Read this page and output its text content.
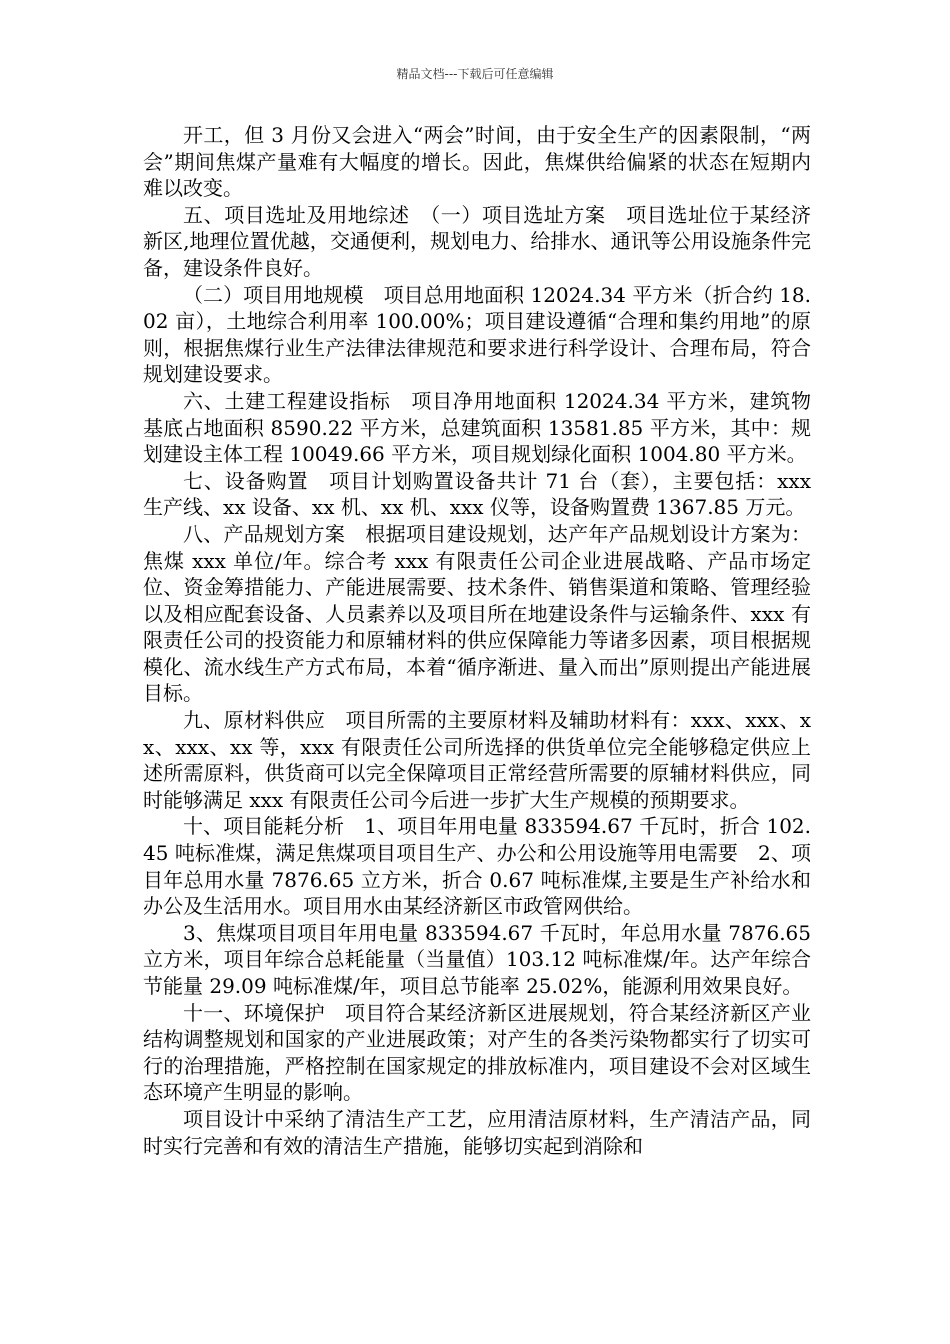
精品文档---下载后可任意编辑

开工，但 3 月份又会进入“两会”时间，由于安全生产的因素限制，“两会”期间焦煤产量难有大幅度的增长。因此，焦煤供给偏紧的状态在短期内难以改变。

五、项目选址及用地综述　（一）项目选址方案　项目选址位于某经济新区,地理位置优越，交通便利，规划电力、给排水、通讯等公用设施条件完备，建设条件良好。

（二）项目用地规模　项目总用地面积 12024.34 平方米（折合约 18.02 亩），土地综合利用率 100.00%；项目建设遵循“合理和集约用地”的原则，根据焦煤行业生产法律法律规范和要求进行科学设计、合理布局，符合规划建设要求。

六、土建工程建设指标　项目净用地面积 12024.34 平方米，建筑物基底占地面积 8590.22 平方米，总建筑面积 13581.85 平方米，其中：规划建设主体工程 10049.66 平方米，项目规划绿化面积 1004.80 平方米。

七、设备购置　项目计划购置设备共计 71 台（套），主要包括：xxx 生产线、xx 设备、xx 机、xx 机、xxx 仪等，设备购置费 1367.85 万元。

八、产品规划方案　根据项目建设规划，达产年产品规划设计方案为：焦煤 xxx 单位/年。综合考 xxx 有限责任公司企业进展战略、产品市场定位、资金筹措能力、产能进展需要、技术条件、销售渠道和策略、管理经验以及相应配套设备、人员素养以及项目所在地建设条件与运输条件、xxx 有限责任公司的投资能力和原辅材料的供应保障能力等诸多因素，项目根据规模化、流水线生产方式布局，本着“循序渐进、量入而出”原则提出产能进展目标。

九、原材料供应　项目所需的主要原材料及辅助材料有：xxx、xxx、xx、xxx、xx 等，xxx 有限责任公司所选择的供货单位完全能够稳定供应上述所需原料，供货商可以完全保障项目正常经营所需要的原辅材料供应，同时能够满足 xxx 有限责任公司今后进一步扩大生产规模的预期要求。

十、项目能耗分析　1、项目年用电量 833594.67 千瓦时，折合 102.45 吨标准煤，满足焦煤项目项目生产、办公和公用设施等用电需要　2、项目年总用水量 7876.65 立方米，折合 0.67 吨标准煤,主要是生产补给水和办公及生活用水。项目用水由某经济新区市政管网供给。

3、焦煤项目项目年用电量 833594.67 千瓦时，年总用水量 7876.65 立方米，项目年综合总耗能量（当量值）103.12 吨标准煤/年。达产年综合节能量 29.09 吨标准煤/年，项目总节能率 25.02%，能源利用效果良好。

十一、环境保护　项目符合某经济新区进展规划，符合某经济新区产业结构调整规划和国家的产业进展政策；对产生的各类污染物都实行了切实可行的治理措施，严格控制在国家规定的排放标准内，项目建设不会对区域生态环境产生明显的影响。

项目设计中采纳了清洁生产工艺，应用清洁原材料，生产清洁产品，同时实行完善和有效的清洁生产措施，能够切实起到消除和
